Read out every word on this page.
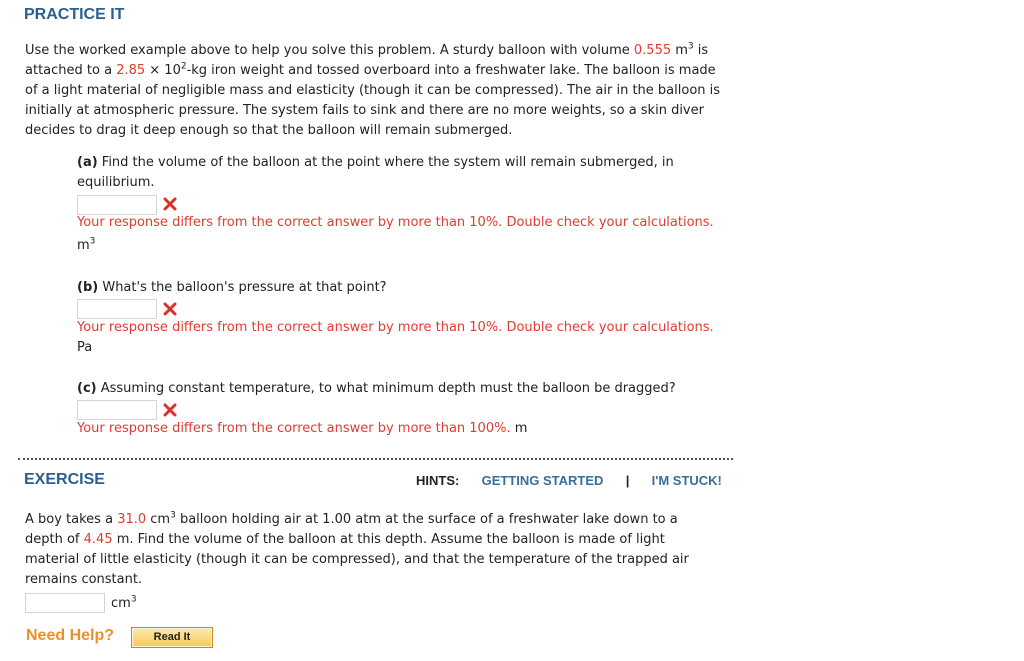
PRACTICE IT
Use the worked example above to help you solve this problem. A sturdy balloon with volume 0.555 $m^3$ is
attached to a $2.85 \times 10^2-kg$ iron weight and tossed overboard into a freshwater lake. The balloon is made
of a light material of negligible mass and elasticity (though it can be compressed). The air in the balloon is
initially at atmospheric pressure. The system fails to sink and there are no more weights, so a skin diver
decides to drag it deep enough so that the balloon will remain submerged.
(a) Find the volume of the balloon at the point where the system will remain submerged, in
equilibrium.
Your response differs from the correct answer by more than 10%. Double check your calculations.
$m^3$
(b) What's the balloon's pressure at that point?
Your response differs from the correct answer by more than 10%. Double check your calculations.
Pa
(c) Assuming constant temperature, to what minimum depth must the balloon be dragged?
Your response differs from the correct answer by more than 100%. m
EXERCISE	HINTS: GETTING STARTED | I'M STUCK!
A boy takes a 31.0 $cm^3$ balloon holding air at 1.00 atm at the surface of a freshwater lake down to a
depth of 4.45 m. Find the volume of the balloon at this depth. Assume the balloon is made of light
material of little elasticity (though it can be compressed), and that the temperature of the trapped air
remains constant.
$cm^3$
Need Help?	Read It
